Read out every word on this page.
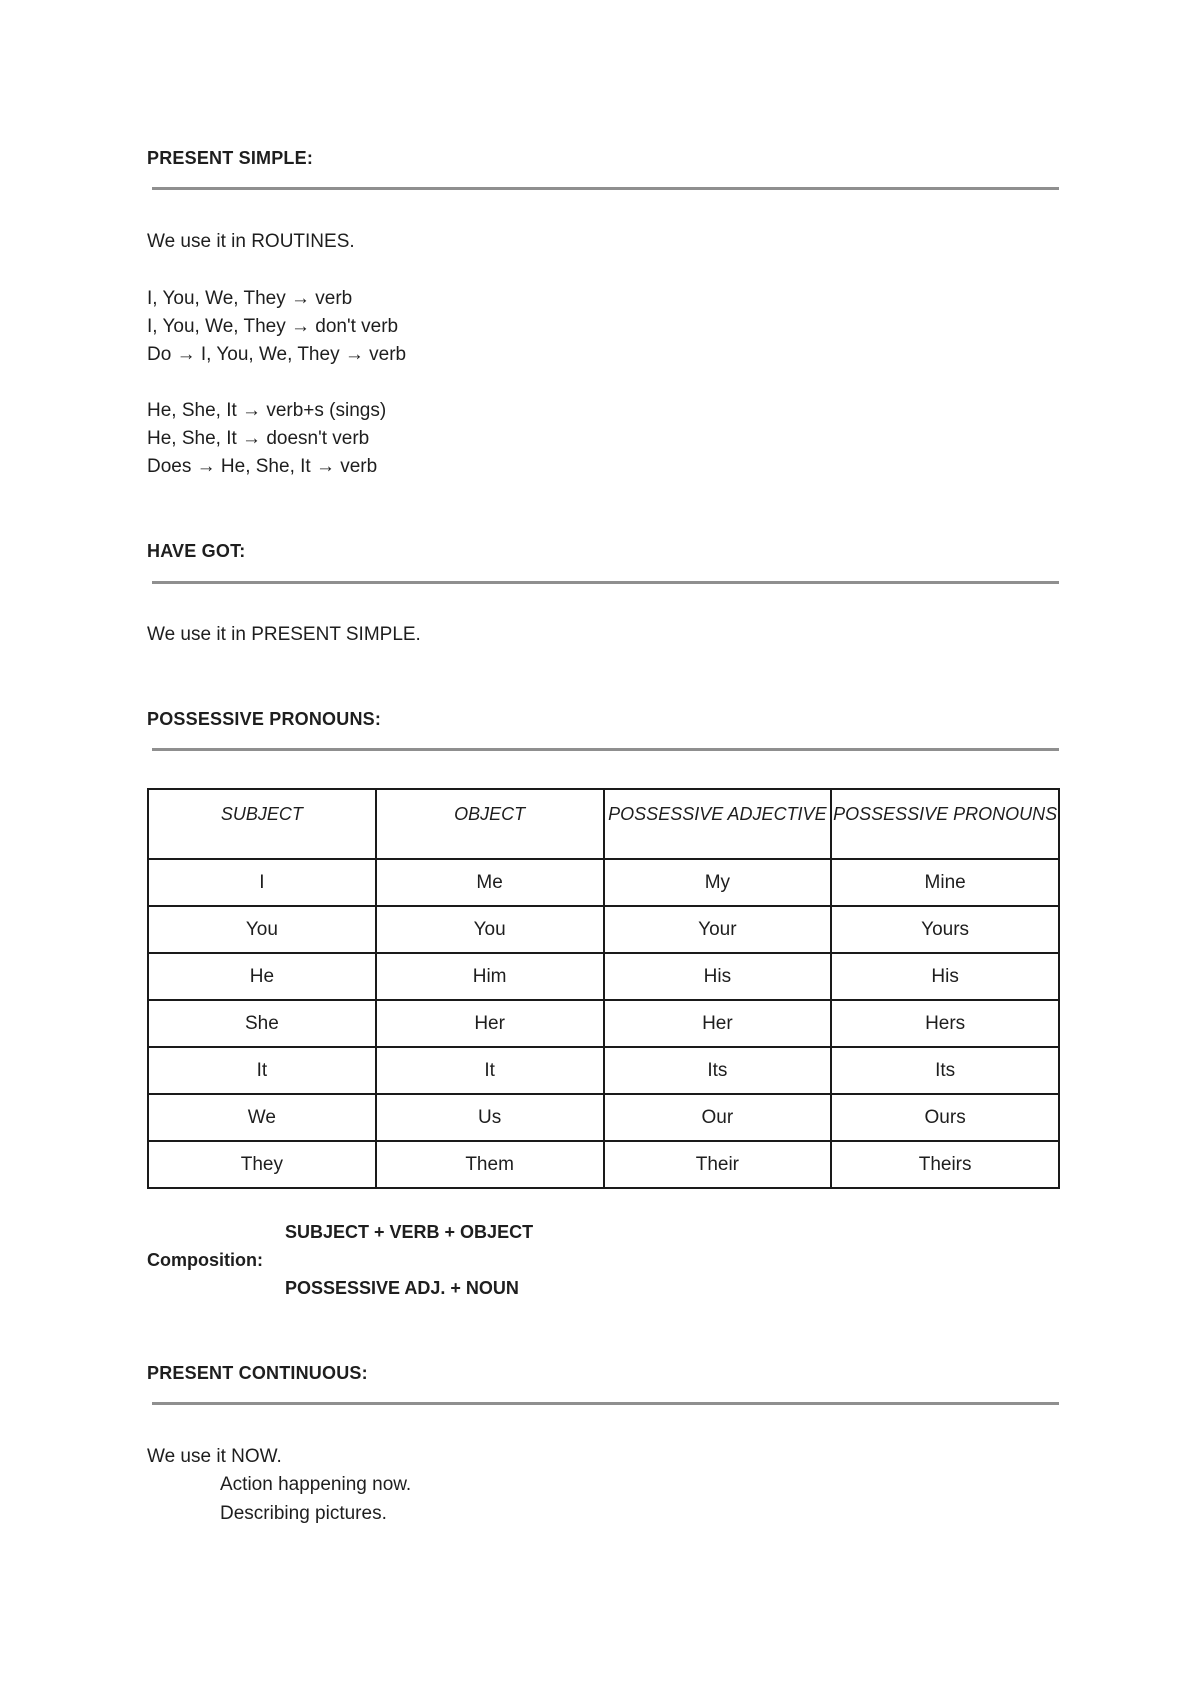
PRESENT SIMPLE:

We use it in ROUTINES.

I, You, We, They → verb

I, You, We, They → don't verb

Do → I, You, We, They → verb

He, She, It → verb+s (sings)

He, She, It → doesn't verb

Does → He, She, It → verb

HAVE GOT:

We use it in PRESENT SIMPLE.

POSSESSIVE PRONOUNS:
SUBJECT	OBJECT	POSSESSIVE ADJECTIVE	POSSESSIVE PRONOUNS
I	Me	My	Mine
You	You	Your	Yours
He	Him	His	His
She	Her	Her	Hers
It	It	Its	Its
We	Us	Our	Ours
They	Them	Their	Theirs
SUBJECT + VERB + OBJECT
Composition:
POSSESSIVE ADJ. + NOUN
PRESENT CONTINUOUS:

We use it NOW.

Action happening now.

Describing pictures.
